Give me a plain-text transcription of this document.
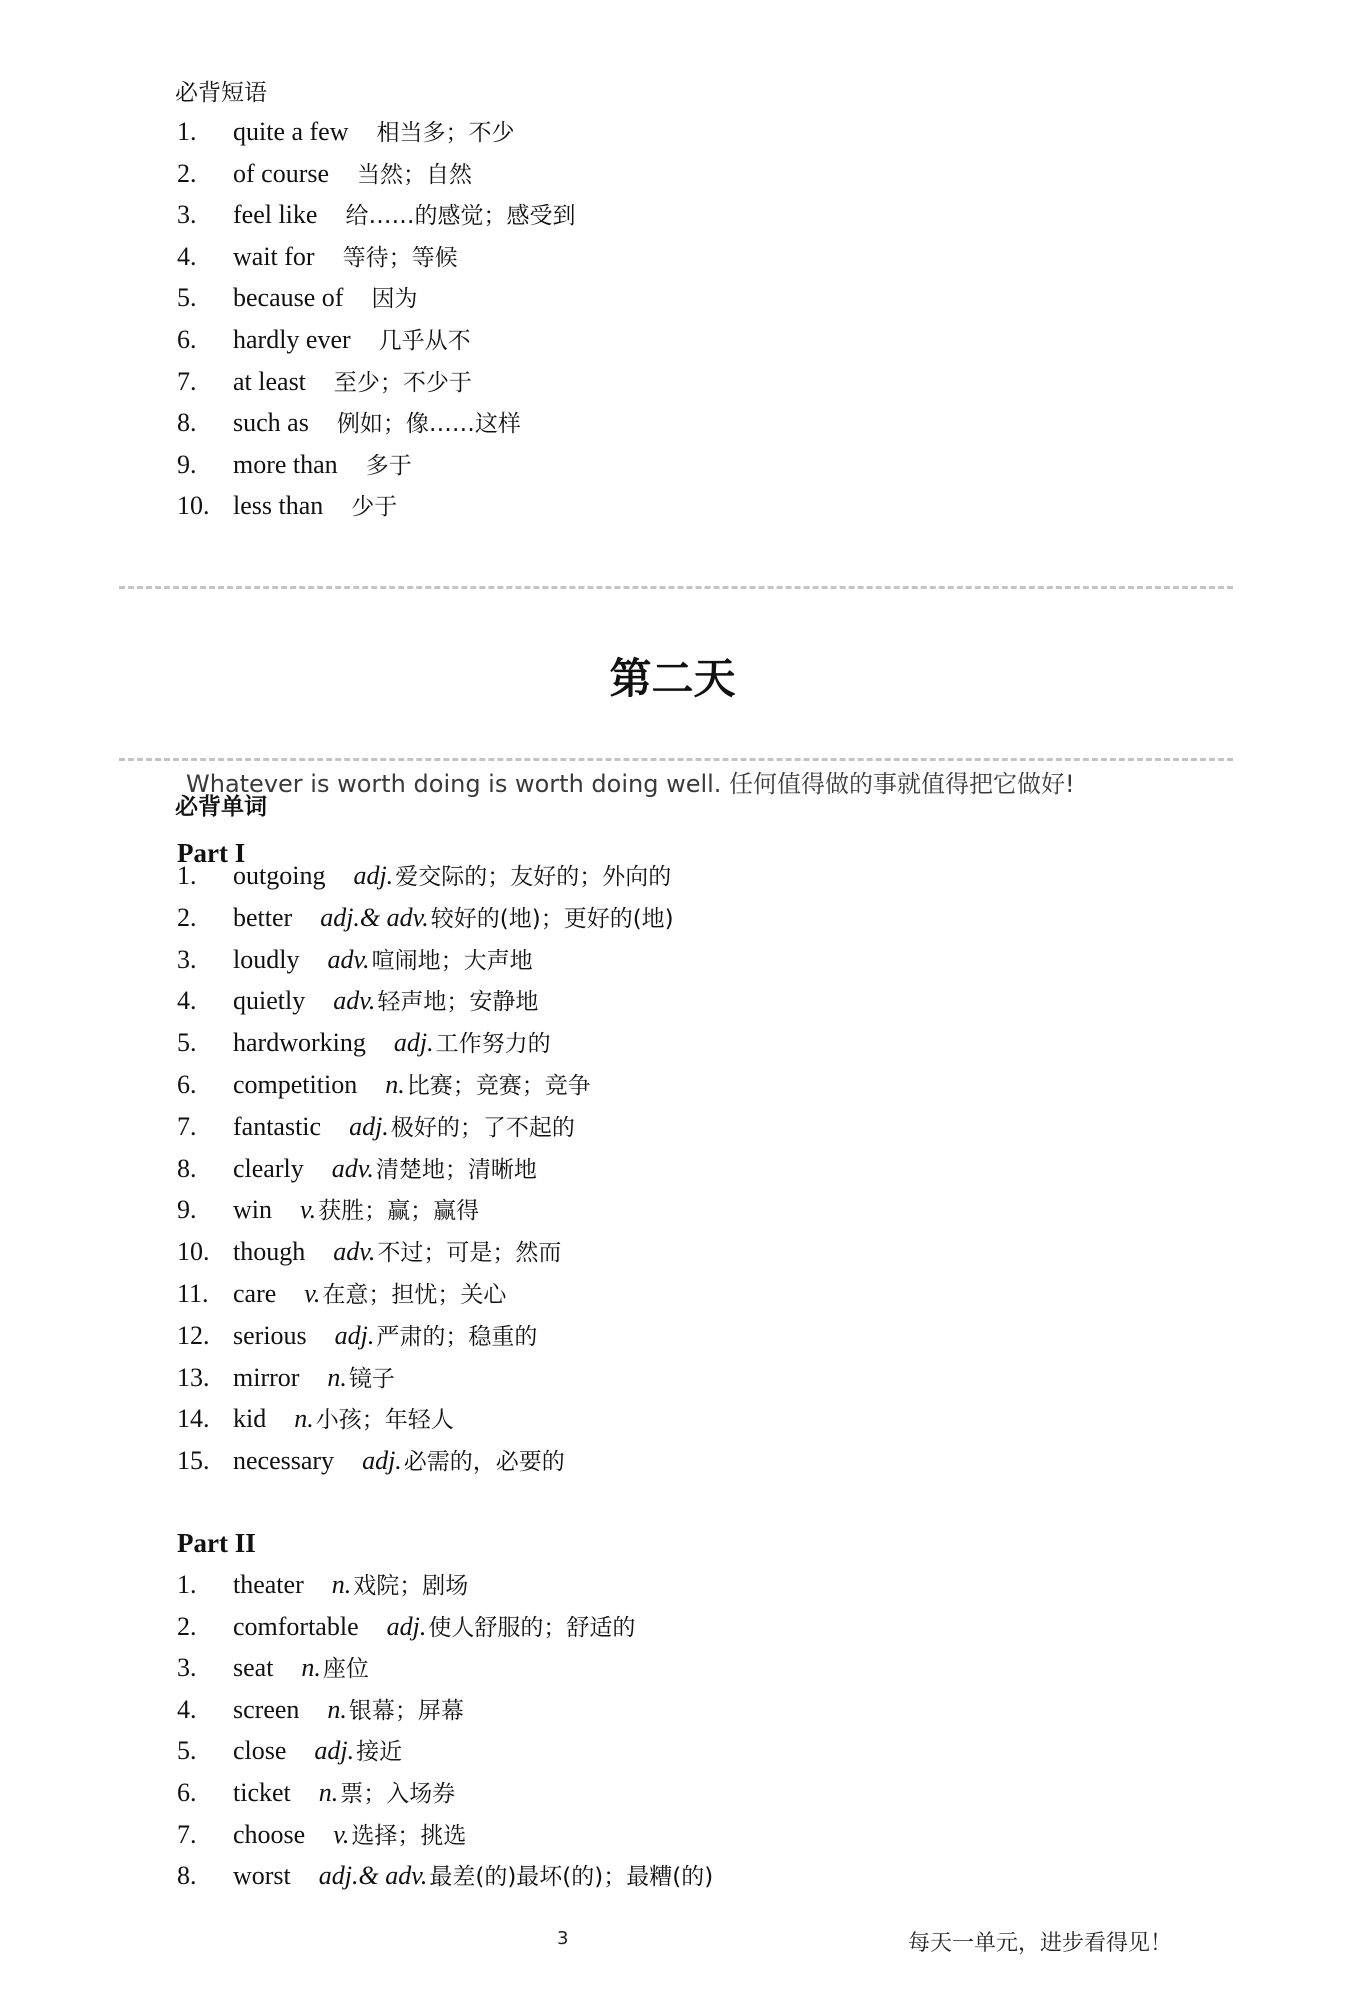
必背短语
1.	quite a few 相当多；不少
2.	of course 当然；自然
3.	feel like 给……的感觉；感受到
4.	wait for 等待；等候
5.	because of 因为
6.	hardly ever 几乎从不
7.	at least 至少；不少于
8.	such as 例如；像……这样
9.	more than 多于
10. less than 少于
第二天
Whatever is worth doing is worth doing well. 任何值得做的事就值得把它做好!
必背单词
Part I
1.	outgoing adj. 爱交际的；友好的；外向的
2.	better adj.& adv. 较好的(地)；更好的(地)
3.	loudly adv. 喧闹地；大声地
4.	quietly adv. 轻声地；安静地
5.	hardworking adj. 工作努力的
6.	competition n. 比赛；竞赛；竞争
7.	fantastic adj. 极好的；了不起的
8.	clearly adv. 清楚地；清晰地
9.	win v. 获胜；赢；赢得
10. though adv. 不过；可是；然而
11. care v. 在意；担忧；关心
12. serious adj. 严肃的；稳重的
13. mirror n. 镜子
14. kid n. 小孩；年轻人
15. necessary adj. 必需的，必要的
Part II
1.	theater n. 戏院；剧场
2.	comfortable adj. 使人舒服的；舒适的
3.	seat n. 座位
4.	screen n. 银幕；屏幕
5.	close adj. 接近
6.	ticket n. 票；入场券
7.	choose v. 选择；挑选
8.	worst adj.& adv. 最差(的)最坏(的)；最糟(的)
3	每天一单元，进步看得见！
